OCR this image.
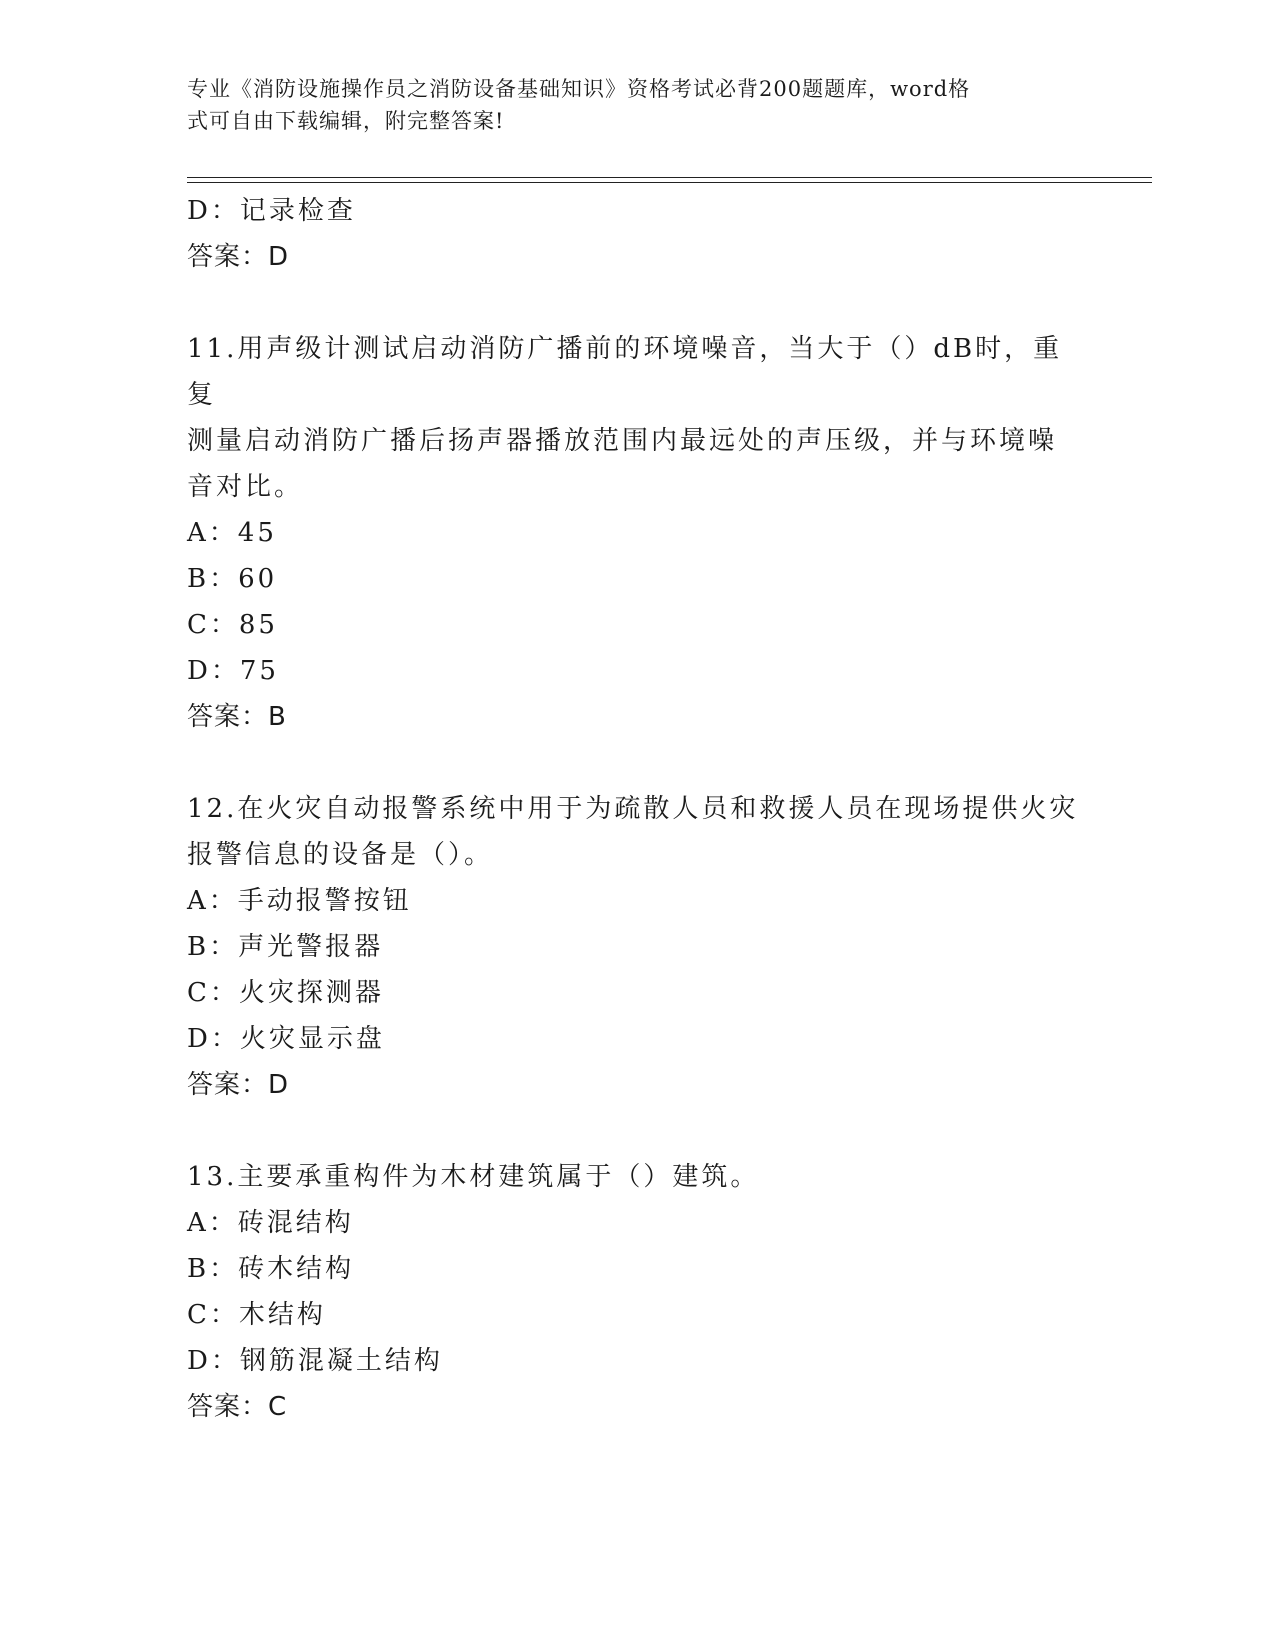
专业《消防设施操作员之消防设备基础知识》资格考试必背200题题库，word格
式可自由下载编辑，附完整答案!
D：记录检查
答案：D
11.用声级计测试启动消防广播前的环境噪音，当大于（）dB时，重复
测量启动消防广播后扬声器播放范围内最远处的声压级，并与环境噪
音对比。
A：45
B：60
C：85
D：75
答案：B
12.在火灾自动报警系统中用于为疏散人员和救援人员在现场提供火灾
报警信息的设备是（）。
A：手动报警按钮
B：声光警报器
C：火灾探测器
D：火灾显示盘
答案：D
13.主要承重构件为木材建筑属于（）建筑。
A：砖混结构
B：砖木结构
C：木结构
D：钢筋混凝土结构
答案：C
